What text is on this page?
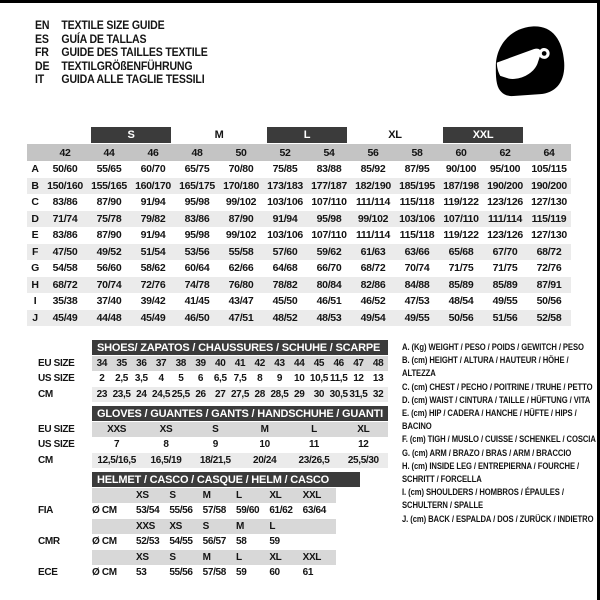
EN	TEXTILE SIZE GUIDE
ES	GUÍA DE TALLAS
FR	GUIDE DES TAILLES TEXTILE
DE	TEXTILGRÖßENFÜHRUNG
IT	GUIDA ALLE TAGLIE TESSILI
S	M	L	XL	XXL
42	44	46	48	50	52	54	56	58	60	62	64
A	50/60	55/65	60/70	65/75	70/80	75/85	83/88	85/92	87/95	90/100	95/100	105/115
B 150/160 155/165 160/170 165/175 170/180 173/183 177/187 182/190 185/195 187/198 190/200 190/200
C	83/86	87/90	91/94	95/98	99/102	103/106 107/110 111/114 115/118 119/122 123/126 127/130
D	71/74	75/78	79/82	83/86	87/90	91/94	95/98	99/102	103/106 107/110 111/114 115/119
E	83/86	87/90	91/94	95/98	99/102	103/106 107/110 111/114 115/118 119/122 123/126 127/130
F	47/50	49/52	51/54	53/56	55/58	57/60	59/62	61/63	63/66	65/68	67/70	68/72
G	54/58	56/60	58/62	60/64	62/66	64/68	66/70	68/72	70/74	71/75	71/75	72/76
H	68/72	70/74	72/76	74/78	76/80	78/82	80/84	82/86	84/88	85/89	85/89	87/91
I	35/38	37/40	39/42	41/45	43/47	45/50	46/51	46/52	47/53	48/54	49/55	50/56
J	45/49	44/48	45/49	46/50	47/51	48/52	48/53	49/54	49/55	50/56	51/56	52/58
SHOES/ ZAPATOS / CHAUSSURES / SCHUHE / SCARPE
EU SIZE	34 35 36 37 38 39 40 41 42 43 44 45 46 47 48
US SIZE	2	2,5 3,5	4	5	6	6,5 7,5	8	9	10 10,5 11,5 12 13
CM	23 23,5 24 24,5 25,5 26 27 27,5 28 28,5 29 30 30,5 31,5 32
GLOVES / GUANTES / GANTS / HANDSCHUHE / GUANTI
EU SIZE	XXS	XS	S	M	L	XL
US SIZE	7	8	9	10	11	12
CM	12,5/16,5	16,5/19	18/21,5	20/24	23/26,5	25,5/30
HELMET / CASCO / CASQUE / HELM / CASCO
XS	S	M	L	XL	XXL
FIA	Ø CM	53/54	55/56	57/58	59/60	61/62	63/64
XXS	XS	S	M	L
CMR	Ø CM	52/53	54/55	56/57	58	59
XS	S	M	L	XL	XXL
ECE	Ø CM	53	55/56	57/58	59	60	61
A. (Kg) WEIGHT / PESO / POIDS / GEWITCH / PESO
B. (cm) HEIGHT / ALTURA / HAUTEUR / HÖHE / ALTEZZA
C. (cm) CHEST / PECHO / POITRINE / TRUHE / PETTO
D. (cm) WAIST / CINTURA / TAILLE / HÜFTUNG / VITA
E. (cm) HIP / CADERA / HANCHE / HÜFTE / HIPS / BACINO
F. (cm) TIGH / MUSLO / CUISSE / SCHENKEL / COSCIA
G. (cm) ARM / BRAZO / BRAS / ARM / BRACCIO
H. (cm) INSIDE LEG / ENTREPIERNA / FOURCHE / SCHRITT / FORCELLA
I. (cm) SHOULDERS / HOMBROS / ÉPAULES / SCHULTERN / SPALLE
J. (cm) BACK / ESPALDA / DOS / ZURÜCK / INDIETRO
